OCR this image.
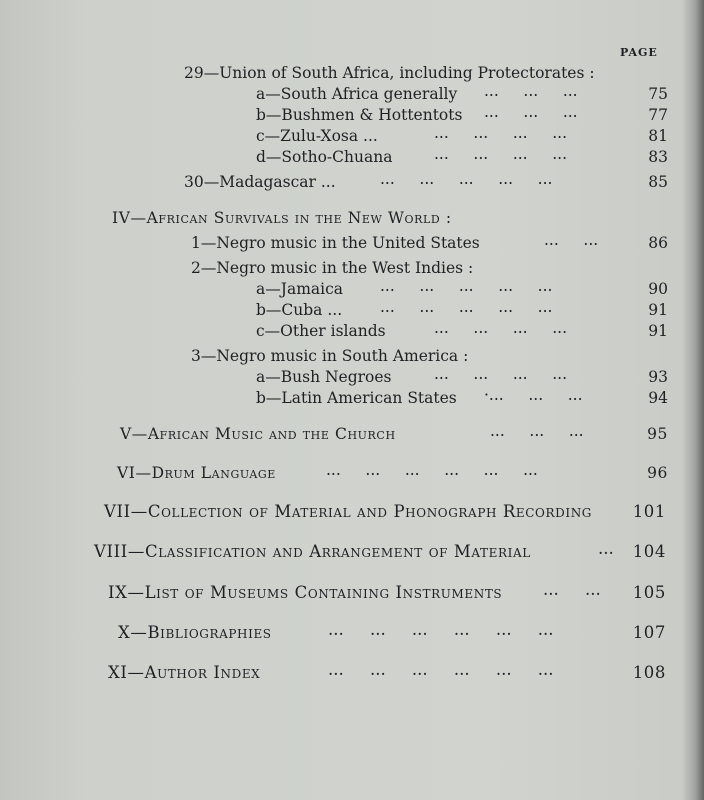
PAGE
29—Union of South Africa, including Protectorates :
a—South Africa generally ...     ...     ...	75
b—Bushmen & Hottentots ...     ...     ...	77
c—Zulu-Xosa ...	...     ...     ...     ...	81
d—Sotho-Chuana	...     ...     ...     ...	83
30—Madagascar ...	...     ...     ...     ...     ...	85
IV—African Survivals in the New World :
1—Negro music in the United States	...     ...	86
2—Negro music in the West Indies :
a—Jamaica ...     ...     ...     ...     ...	90
b—Cuba ... ...     ...     ...     ...     ...	91
c—Other islands	...     ...     ...     ...	91
3—Negro music in South America :
a—Bush Negroes	...     ...     ...     ...	93
b—Latin American States ·...     ...     ...	94
V—African Music and the Church	...     ...     ...	95
VI—Drum Language	...     ...     ...     ...     ...     ...	96
VII—Collection of Material and Phonograph Recording 101
VIII—Classification and Arrangement of Material	... 104
IX—List of Museums Containing Instruments ...     ... 105
X—Bibliographies	...     ...     ...     ...     ...     ...	107
XI—Author Index	...     ...     ...     ...     ...     ...	108
